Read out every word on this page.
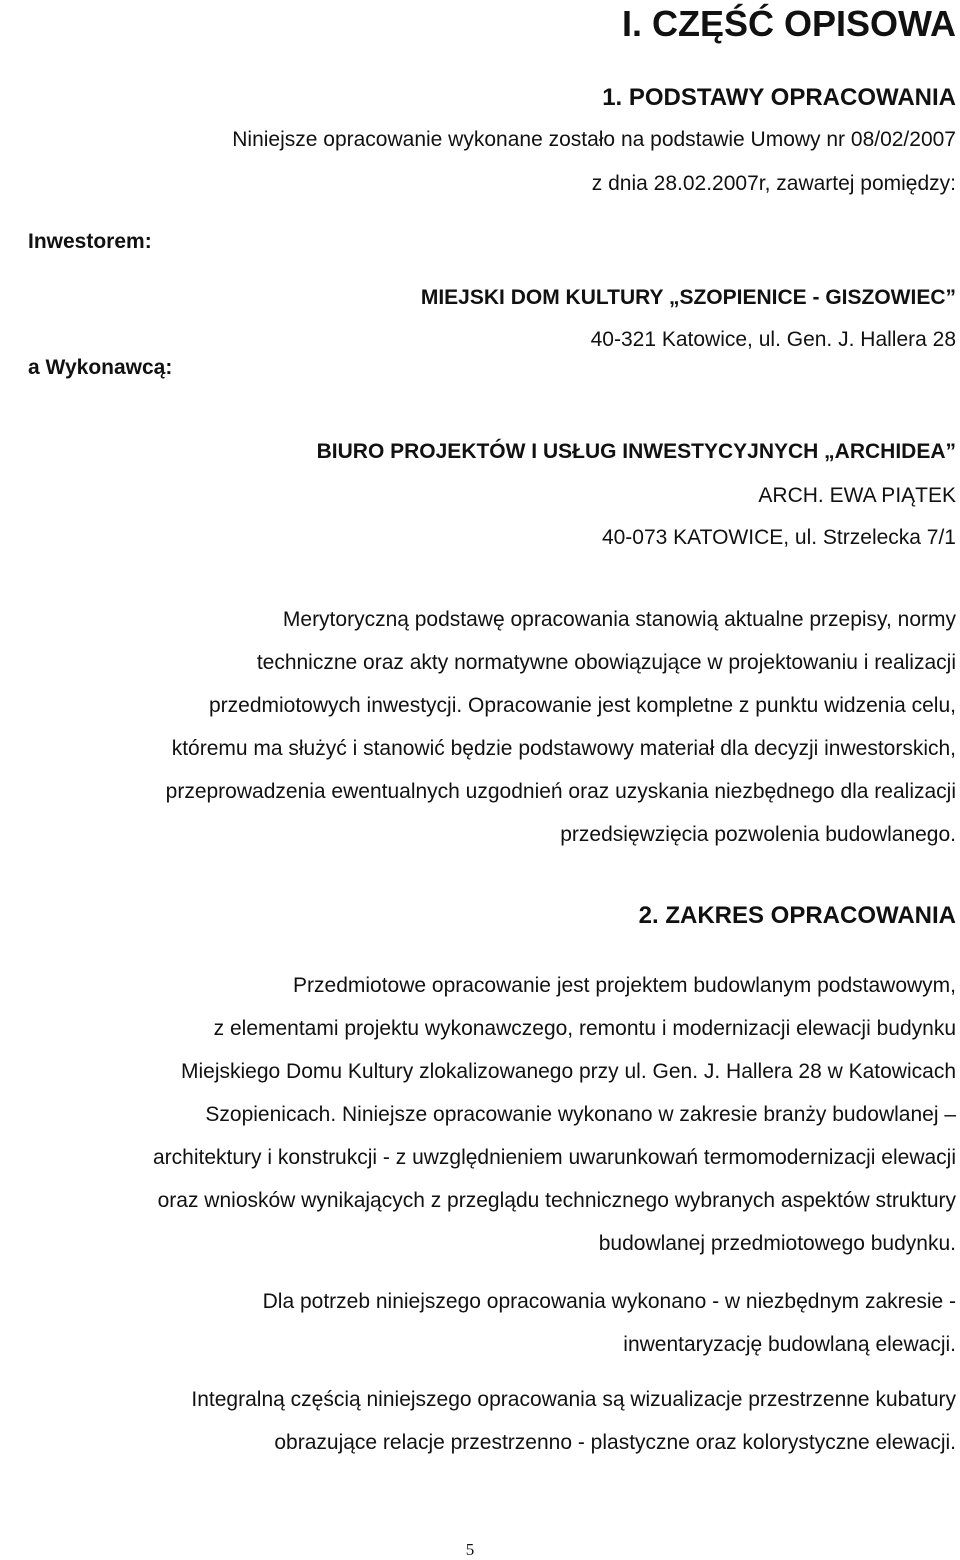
I. CZĘŚĆ OPISOWA

1. PODSTAWY OPRACOWANIA

Niniejsze opracowanie wykonane zostało na podstawie Umowy nr 08/02/2007

z dnia 28.02.2007r, zawartej pomiędzy:

Inwestorem:

MIEJSKI DOM KULTURY „SZOPIENICE - GISZOWIEC”

40-321 Katowice, ul. Gen. J. Hallera 28

a Wykonawcą:

BIURO PROJEKTÓW I USŁUG INWESTYCYJNYCH „ARCHIDEA”

ARCH. EWA PIĄTEK

40-073 KATOWICE, ul. Strzelecka 7/1

Merytoryczną podstawę opracowania stanowią aktualne przepisy, normy

techniczne oraz akty normatywne obowiązujące w projektowaniu i realizacji

przedmiotowych inwestycji. Opracowanie jest kompletne z punktu widzenia celu,

któremu ma służyć i stanowić będzie podstawowy materiał dla decyzji inwestorskich,

przeprowadzenia ewentualnych uzgodnień oraz uzyskania niezbędnego dla realizacji

przedsięwzięcia pozwolenia budowlanego.

2. ZAKRES OPRACOWANIA

Przedmiotowe opracowanie jest projektem budowlanym podstawowym,

z elementami projektu wykonawczego, remontu i modernizacji elewacji budynku

Miejskiego Domu Kultury zlokalizowanego przy ul. Gen. J. Hallera 28 w Katowicach

Szopienicach. Niniejsze opracowanie wykonano w zakresie branży budowlanej –

architektury i konstrukcji - z uwzględnieniem uwarunkowań termomodernizacji elewacji

oraz wniosków wynikających z przeglądu technicznego wybranych aspektów struktury

budowlanej przedmiotowego budynku.

Dla potrzeb niniejszego opracowania wykonano - w niezbędnym zakresie -

inwentaryzację budowlaną elewacji.

Integralną częścią niniejszego opracowania są wizualizacje przestrzenne kubatury

obrazujące relacje przestrzenno - plastyczne oraz kolorystyczne elewacji.

5
